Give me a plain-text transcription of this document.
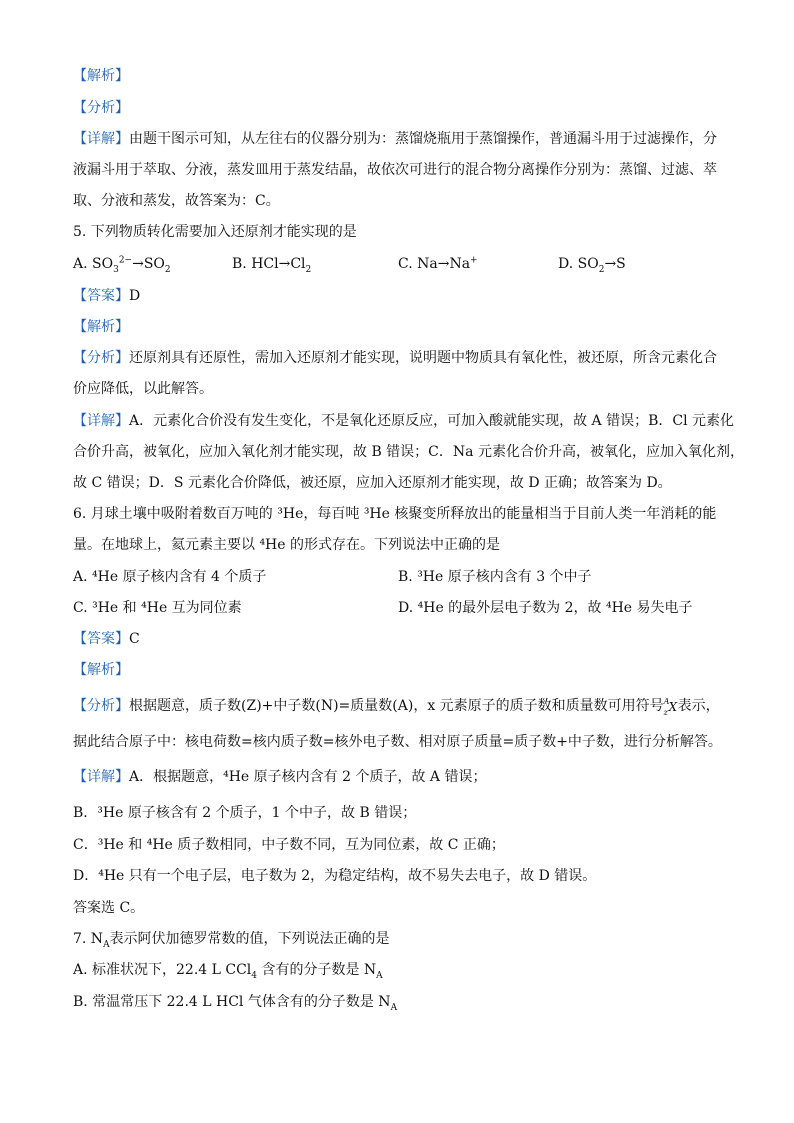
【解析】
【分析】
【详解】由题干图示可知，从左往右的仪器分别为：蒸馏烧瓶用于蒸馏操作，普通漏斗用于过滤操作，分
液漏斗用于萃取、分液，蒸发皿用于蒸发结晶，故依次可进行的混合物分离操作分别为：蒸馏、过滤、萃
取、分液和蒸发，故答案为：C。
5. 下列物质转化需要加入还原剂才能实现的是
A. $SO_3^{2-}\to SO_2$	B. $HCl\to Cl_2$	C. Na→Na+	D. $SO_2\to S$
【答案】D
【解析】
【分析】还原剂具有还原性，需加入还原剂才能实现，说明题中物质具有氧化性，被还原，所含元素化合
价应降低，以此解答。
【详解】A．元素化合价没有发生变化，不是氧化还原反应，可加入酸就能实现，故 A 错误；B．Cl 元素化
合价升高，被氧化，应加入氧化剂才能实现，故 B 错误；C．Na 元素化合价升高，被氧化，应加入氧化剂，
故 C 错误；D．S 元素化合价降低，被还原，应加入还原剂才能实现，故 D 正确；故答案为 D。
6. 月球土壤中吸附着数百万吨的 ³He，每百吨 ³He 核聚变所释放出的能量相当于目前人类一年消耗的能
量。在地球上，氦元素主要以 ⁴He 的形式存在。下列说法中正确的是
A. ⁴He 原子核内含有 4 个质子	B. ³He 原子核内含有 3 个中子
C. ³He 和 ⁴He 互为同位素	D. ⁴He 的最外层电子数为 2，故 ⁴He 易失电子
【答案】C
【解析】
【分析】根据题意，质子数(Z)+中子数(N)=质量数(A)，x 元素原子的质子数和质量数可用符号 A
z X 表示，
据此结合原子中：核电荷数=核内质子数=核外电子数、相对原子质量=质子数+中子数，进行分析解答。
【详解】A．根据题意，⁴He 原子核内含有 2 个质子，故 A 错误；
B．³He 原子核含有 2 个质子，1 个中子，故 B 错误；
C．³He 和 ⁴He 质子数相同，中子数不同，互为同位素，故 C 正确；
D．⁴He 只有一个电子层，电子数为 2，为稳定结构，故不易失去电子，故 D 错误。
答案选 C。
7. $N_A$表示阿伏加德罗常数的值，下列说法正确的是
A. 标准状况下，22.4 L CCl$_4$ 含有的分子数是 $N_A$
B. 常温常压下 22.4 L HCl 气体含有的分子数是 $N_A$
